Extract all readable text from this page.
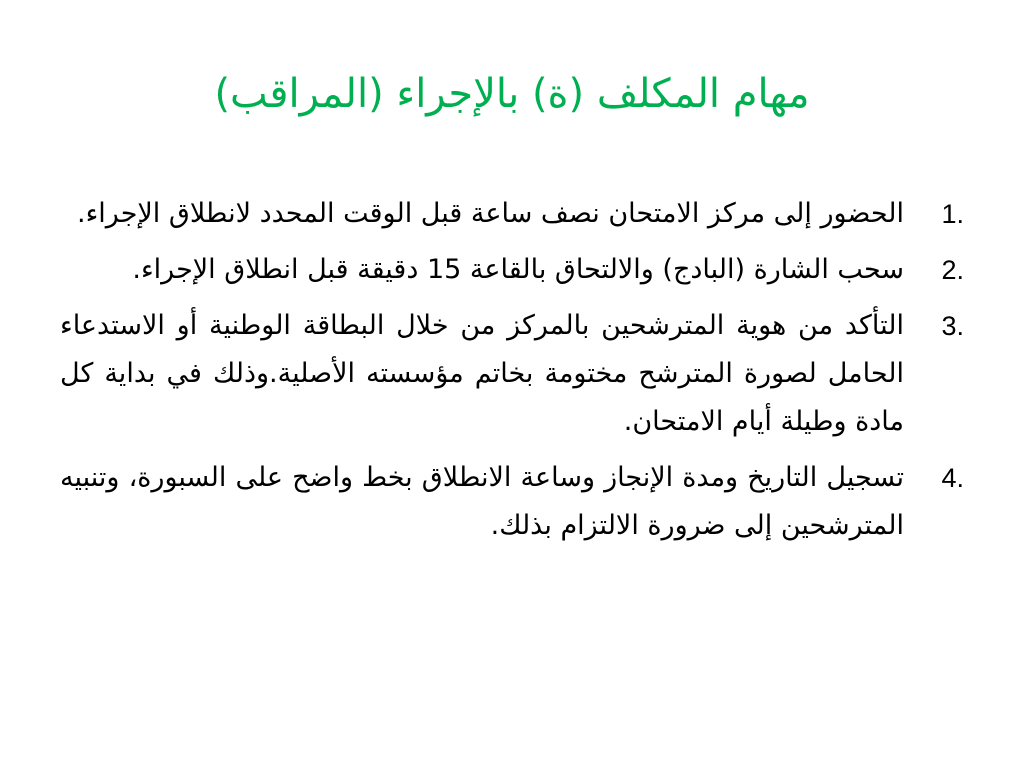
مهام المكلف (ة) بالإجراء (المراقب)
1.
الحضور إلى مركز الامتحان نصف ساعة قبل الوقت المحدد لانطلاق الإجراء.
2.
سحب الشارة (البادج) والالتحاق بالقاعة 15 دقيقة قبل انطلاق الإجراء.
3.
التأكد من هوية المترشحين بالمركز من خلال البطاقة الوطنية أو الاستدعاء الحامل لصورة المترشح مختومة بخاتم مؤسسته الأصلية.وذلك في بداية كل مادة وطيلة أيام الامتحان.
4.
تسجيل التاريخ ومدة الإنجاز وساعة الانطلاق بخط واضح على السبورة، وتنبيه المترشحين إلى ضرورة الالتزام بذلك.
